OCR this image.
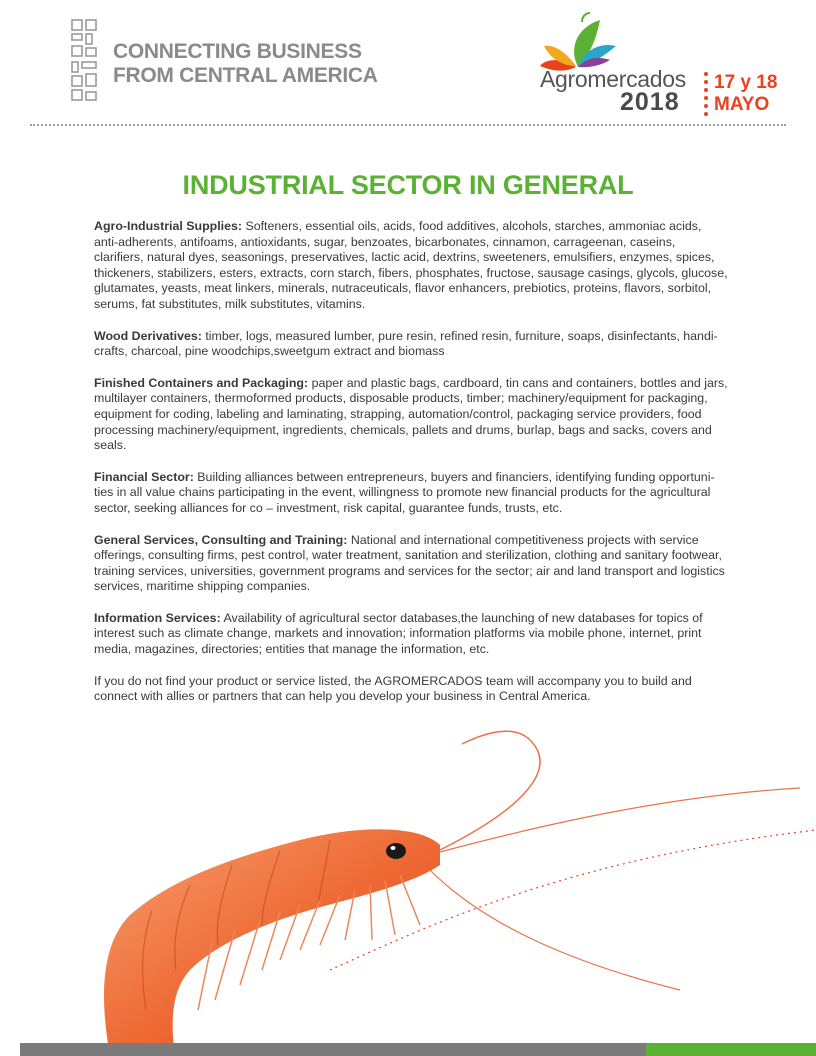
CONNECTING BUSINESS
FROM CENTRAL AMERICA	Agromercados
2018
17 y 18
MAYO
INDUSTRIAL SECTOR IN GENERAL

Agro-Industrial Supplies: Softeners, essential oils, acids, food additives, alcohols, starches, ammoniac acids, anti-adherents, antifoams, antioxidants, sugar, benzoates, bicarbonates, cinnamon, carrageenan, caseins, clarifiers, natural dyes, seasonings, preservatives, lactic acid, dextrins, sweeteners, emulsifiers, enzymes, spices, thickeners, stabilizers, esters, extracts, corn starch, fibers, phosphates, fructose, sausage casings, glycols, glucose, glutamates, yeasts, meat linkers, minerals, nutraceuticals, flavor enhancers, prebiotics, proteins, flavors, sorbitol, serums, fat substitutes, milk substitutes, vitamins.

Wood Derivatives: timber, logs, measured lumber, pure resin, refined resin, furniture, soaps, disinfectants, handi-crafts, charcoal, pine woodchips,sweetgum extract and biomass

Finished Containers and Packaging: paper and plastic bags, cardboard, tin cans and containers, bottles and jars, multilayer containers, thermoformed products, disposable products, timber; machinery/equipment for packaging, equipment for coding, labeling and laminating, strapping, automation/control, packaging service providers, food processing machinery/equipment, ingredients, chemicals, pallets and drums, burlap, bags and sacks, covers and seals.

Financial Sector: Building alliances between entrepreneurs, buyers and financiers, identifying funding opportuni-ties in all value chains participating in the event, willingness to promote new financial products for the agricultural sector, seeking alliances for co – investment, risk capital, guarantee funds, trusts, etc.

General Services, Consulting and Training: National and international competitiveness projects with service offerings, consulting firms, pest control, water treatment, sanitation and sterilization, clothing and sanitary footwear, training services, universities, government programs and services for the sector; air and land transport and logistics services, maritime shipping companies.

Information Services: Availability of agricultural sector databases,the launching of new databases for topics of interest such as climate change, markets and innovation; information platforms via mobile phone, internet, print media, magazines, directories; entities that manage the information, etc.

If you do not find your product or service listed, the AGROMERCADOS team will accompany you to build and connect with allies or partners that can help you develop your business in Central America.
